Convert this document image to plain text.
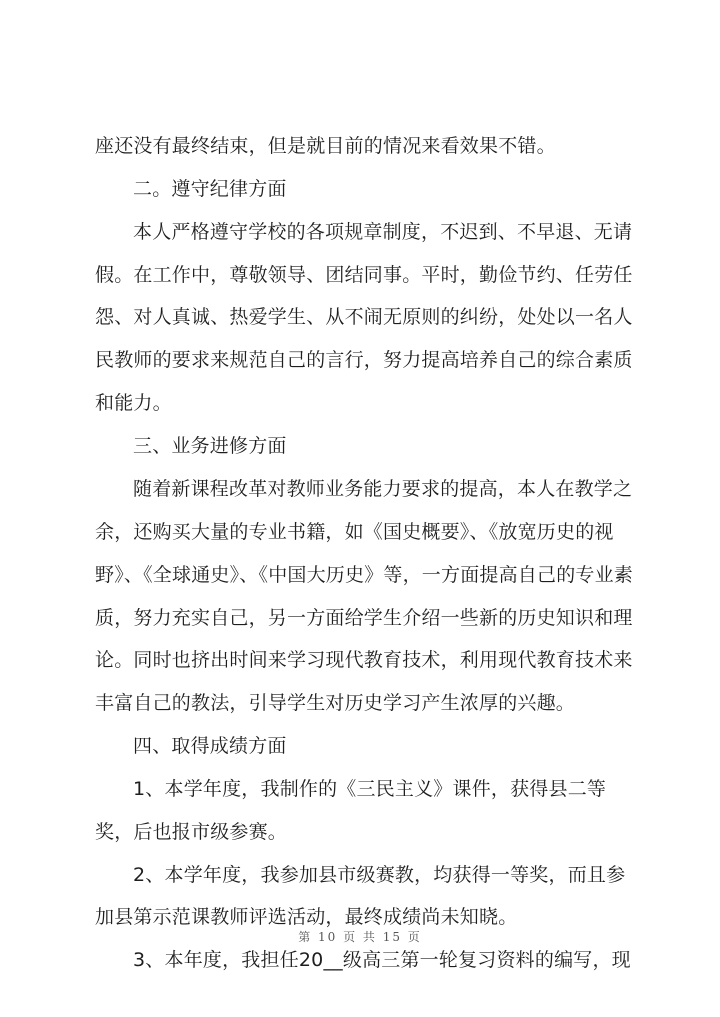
座还没有最终结束，但是就目前的情况来看效果不错。
二。遵守纪律方面
本人严格遵守学校的各项规章制度，不迟到、不早退、无请
假。在工作中，尊敬领导、团结同事。平时，勤俭节约、任劳任
怨、对人真诚、热爱学生、从不闹无原则的纠纷，处处以一名人
民教师的要求来规范自己的言行，努力提高培养自己的综合素质
和能力。
三、业务进修方面
随着新课程改革对教师业务能力要求的提高，本人在教学之
余，还购买大量的专业书籍，如《国史概要》、《放宽历史的视
野》、《全球通史》、《中国大历史》等，一方面提高自己的专业素
质，努力充实自己，另一方面给学生介绍一些新的历史知识和理
论。同时也挤出时间来学习现代教育技术，利用现代教育技术来
丰富自己的教法，引导学生对历史学习产生浓厚的兴趣。
四、取得成绩方面
1、本学年度，我制作的《三民主义》课件，获得县二等
奖，后也报市级参赛。
2、本学年度，我参加县市级赛教，均获得一等奖，而且参
加县第示范课教师评选活动，最终成绩尚未知晓。
3、本年度，我担任20__级高三第一轮复习资料的编写，现
第 10 页 共 15 页
